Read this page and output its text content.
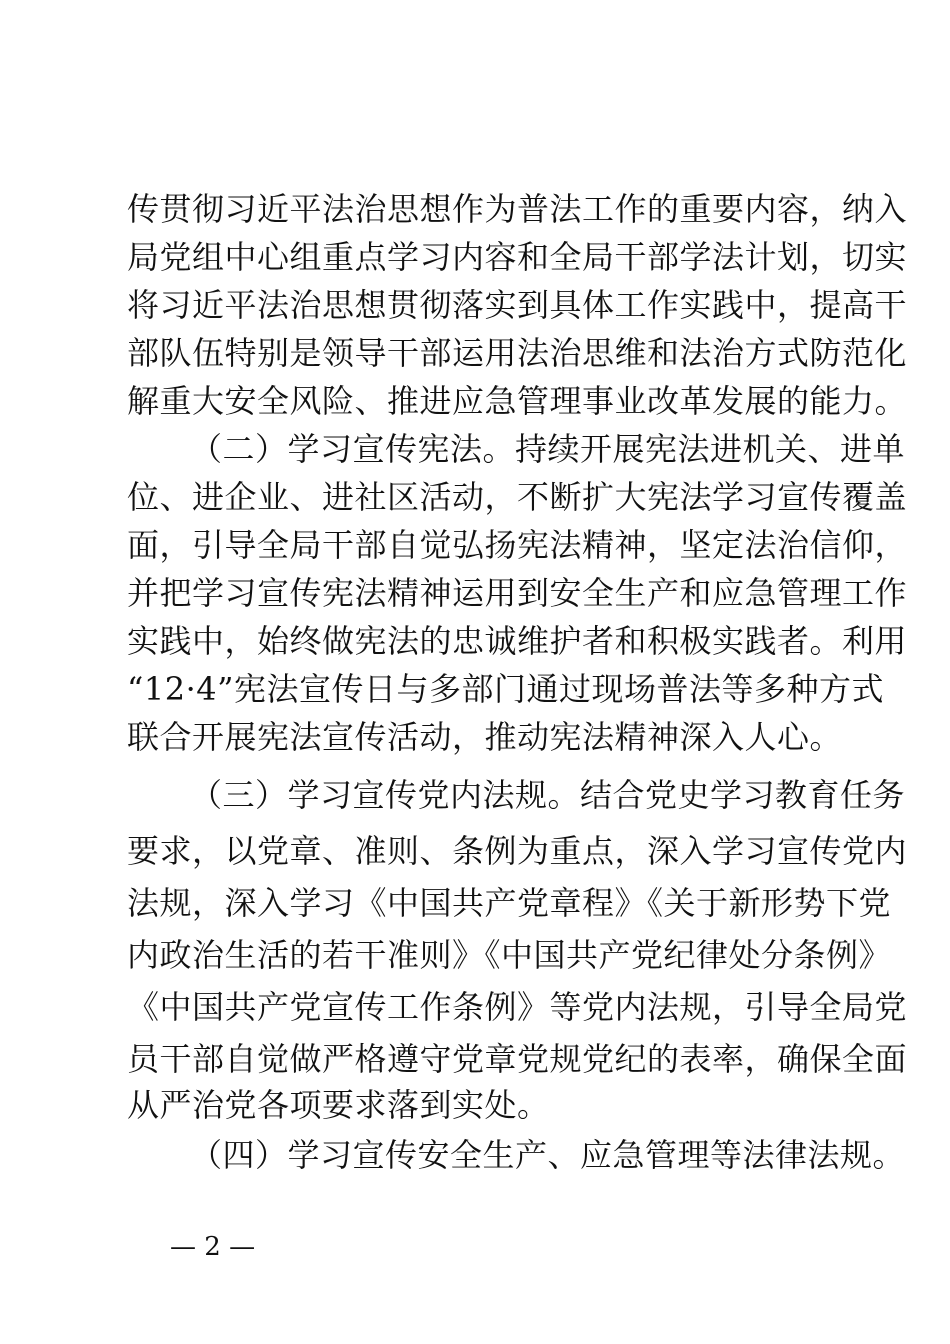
传贯彻习近平法治思想作为普法工作的重要内容，纳入
局党组中心组重点学习内容和全局干部学法计划，切实
将习近平法治思想贯彻落实到具体工作实践中，提高干
部队伍特别是领导干部运用法治思维和法治方式防范化
解重大安全风险、推进应急管理事业改革发展的能力。
（二）学习宣传宪法。持续开展宪法进机关、进单
位、进企业、进社区活动，不断扩大宪法学习宣传覆盖
面，引导全局干部自觉弘扬宪法精神，坚定法治信仰，
并把学习宣传宪法精神运用到安全生产和应急管理工作
实践中，始终做宪法的忠诚维护者和积极实践者。利用
“12·4”宪法宣传日与多部门通过现场普法等多种方式
联合开展宪法宣传活动，推动宪法精神深入人心。
（三）学习宣传党内法规。结合党史学习教育任务
要求，以党章、准则、条例为重点，深入学习宣传党内
法规，深入学习《中国共产党章程》《关于新形势下党
内政治生活的若干准则》《中国共产党纪律处分条例》
《中国共产党宣传工作条例》等党内法规，引导全局党
员干部自觉做严格遵守党章党规党纪的表率，确保全面
从严治党各项要求落到实处。
（四）学习宣传安全生产、应急管理等法律法规。
— 2 —
